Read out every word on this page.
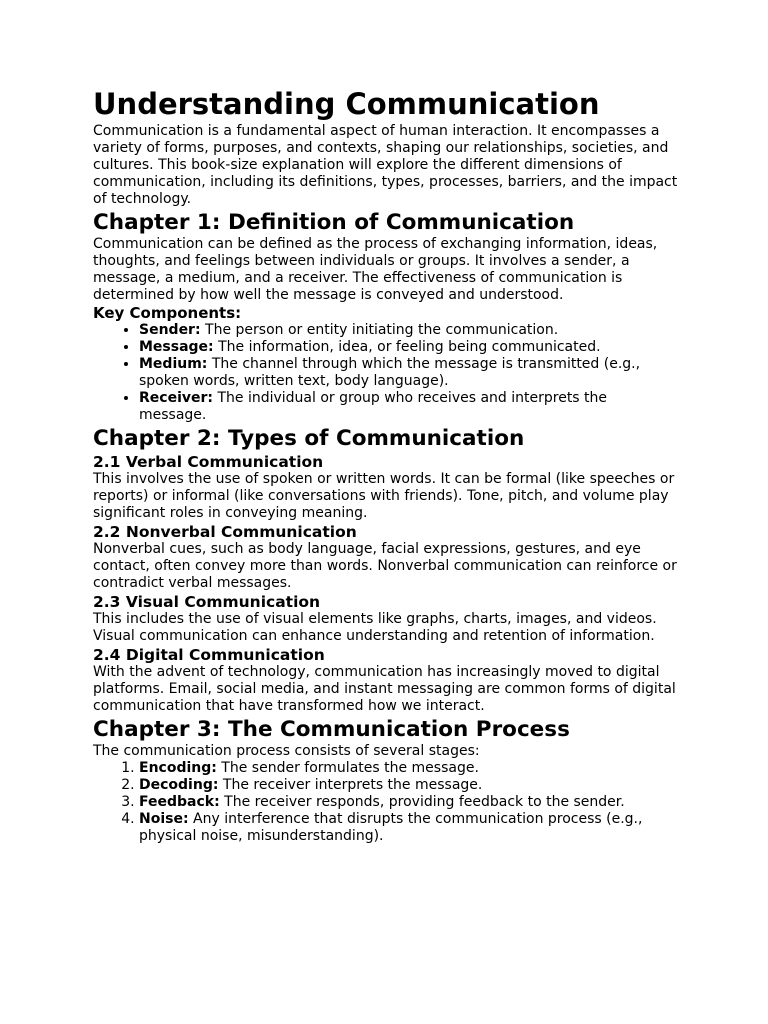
Understanding Communication

Communication is a fundamental aspect of human interaction. It encompasses a variety of forms, purposes, and contexts, shaping our relationships, societies, and cultures. This book-size explanation will explore the different dimensions of communication, including its definitions, types, processes, barriers, and the impact of technology.

Chapter 1: Definition of Communication

Communication can be defined as the process of exchanging information, ideas, thoughts, and feelings between individuals or groups. It involves a sender, a message, a medium, and a receiver. The effectiveness of communication is determined by how well the message is conveyed and understood.

Key Components:
• Sender: The person or entity initiating the communication.
• Message: The information, idea, or feeling being communicated.
• Medium: The channel through which the message is transmitted (e.g., spoken words, written text, body language).
• Receiver: The individual or group who receives and interprets the message.
Chapter 2: Types of Communication
2.1 Verbal Communication

This involves the use of spoken or written words. It can be formal (like speeches or reports) or informal (like conversations with friends). Tone, pitch, and volume play significant roles in conveying meaning.

2.2 Nonverbal Communication

Nonverbal cues, such as body language, facial expressions, gestures, and eye contact, often convey more than words. Nonverbal communication can reinforce or contradict verbal messages.

2.3 Visual Communication

This includes the use of visual elements like graphs, charts, images, and videos. Visual communication can enhance understanding and retention of information.

2.4 Digital Communication

With the advent of technology, communication has increasingly moved to digital platforms. Email, social media, and instant messaging are common forms of digital communication that have transformed how we interact.

Chapter 3: The Communication Process

The communication process consists of several stages:

1. Encoding: The sender formulates the message.
2. Decoding: The receiver interprets the message.
3. Feedback: The receiver responds, providing feedback to the sender.
4. Noise: Any interference that disrupts the communication process (e.g., physical noise, misunderstanding).
